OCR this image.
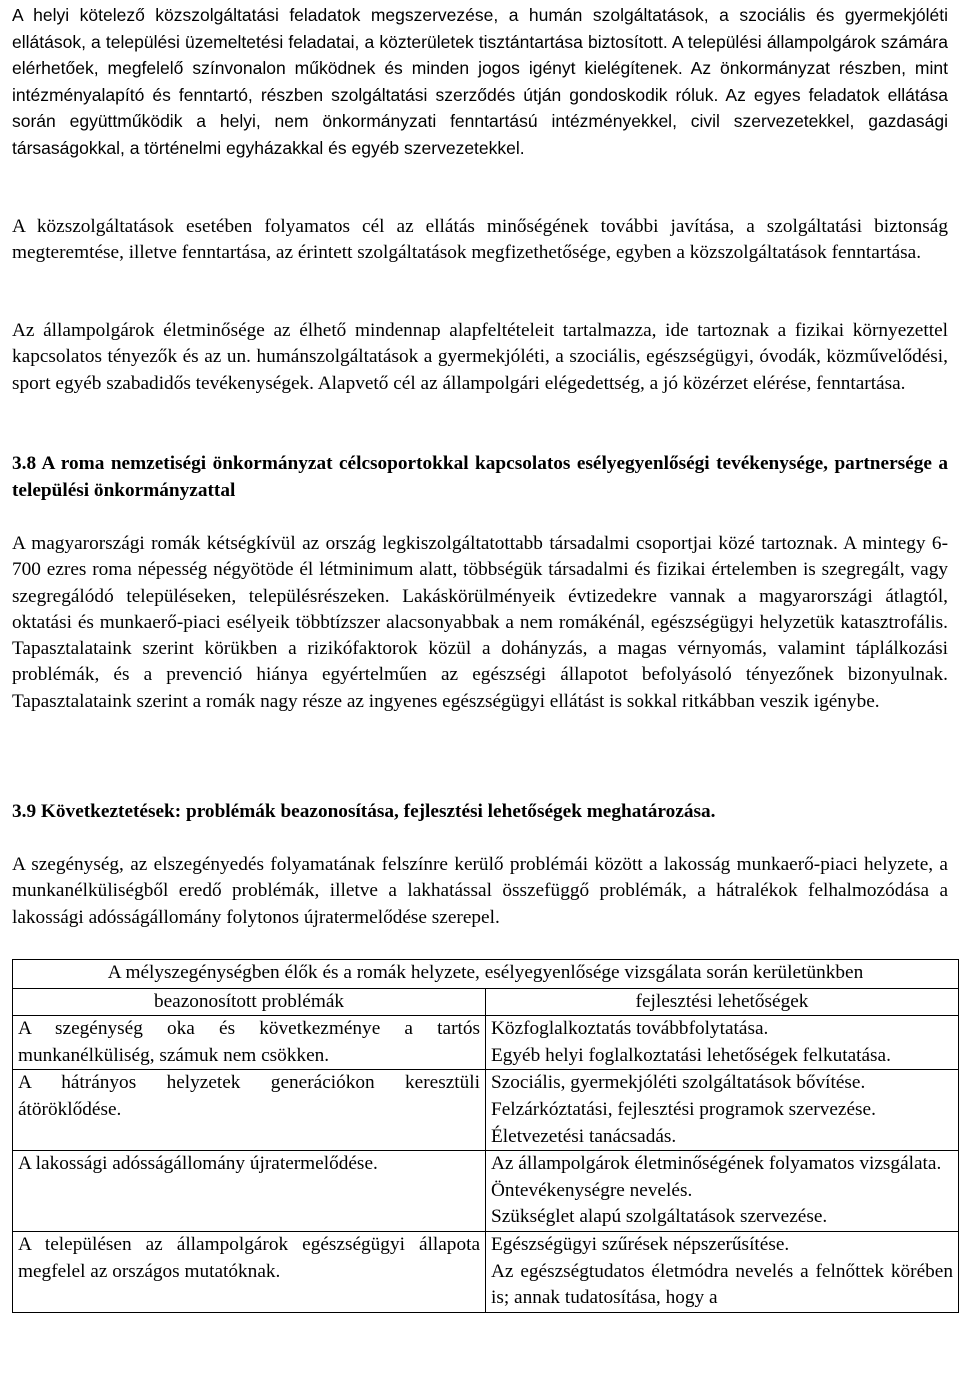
A helyi kötelező közszolgáltatási feladatok megszervezése, a humán szolgáltatások, a szociális és gyermekjóléti ellátások, a települési üzemeltetési feladatai, a közterületek tisztántartása biztosított. A települési állampolgárok számára elérhetőek, megfelelő színvonalon működnek és minden jogos igényt kielégítenek. Az önkormányzat részben, mint intézményalapító és fenntartó, részben szolgáltatási szerződés útján gondoskodik róluk. Az egyes feladatok ellátása során együttműködik a helyi, nem önkormányzati fenntartású intézményekkel, civil szervezetekkel, gazdasági társaságokkal, a történelmi egyházakkal és egyéb szervezetekkel.

A közszolgáltatások esetében folyamatos cél az ellátás minőségének további javítása, a szolgáltatási biztonság megteremtése, illetve fenntartása, az érintett szolgáltatások megfizethetősége, egyben a közszolgáltatások fenntartása.

Az állampolgárok életminősége az élhető mindennap alapfeltételeit tartalmazza, ide tartoznak a fizikai környezettel kapcsolatos tényezők és az un. humánszolgáltatások a gyermekjóléti, a szociális, egészségügyi, óvodák, közművelődési, sport egyéb szabadidős tevékenységek. Alapvető cél az állampolgári elégedettség, a jó közérzet elérése, fenntartása.

3.8 A roma nemzetiségi önkormányzat célcsoportokkal kapcsolatos esélyegyenlőségi tevékenysége, partnersége a települési önkormányzattal

A magyarországi romák kétségkívül az ország legkiszolgáltatottabb társadalmi csoportjai közé tartoznak. A mintegy 6-700 ezres roma népesség négyötöde él létminimum alatt, többségük társadalmi és fizikai értelemben is szegregált, vagy szegregálódó településeken, településrészeken. Lakáskörülményeik évtizedekre vannak a magyarországi átlagtól, oktatási és munkaerő-piaci esélyeik többtízszer alacsonyabbak a nem romákénál, egészségügyi helyzetük katasztrofális. Tapasztalataink szerint körükben a rizikófaktorok közül a dohányzás, a magas vérnyomás, valamint táplálkozási problémák, és a prevenció hiánya egyértelműen az egészségi állapotot befolyásoló tényezőnek bizonyulnak. Tapasztalataink szerint a romák nagy része az ingyenes egészségügyi ellátást is sokkal ritkábban veszik igénybe.

3.9 Következtetések: problémák beazonosítása, fejlesztési lehetőségek meghatározása.

A szegénység, az elszegényedés folyamatának felszínre kerülő problémái között a lakosság munkaerő-piaci helyzete, a munkanélküliségből eredő problémák, illetve a lakhatással összefüggő problémák, a hátralékok felhalmozódása a lakossági adósságállomány folytonos újratermelődése szerepel.

A mélyszegénységben élők és a romák helyzete, esélyegyenlősége vizsgálata során kerületünkben	
beazonosított problémák	fejlesztési lehetőségek
A szegénység oka és következménye a tartós munkanélküliség, számuk nem csökken.	Közfoglalkoztatás továbbfolytatása.
Egyéb helyi foglalkoztatási lehetőségek felkutatása.

A hátrányos helyzetek generációkon keresztüli átöröklődése.	Szociális, gyermekjóléti szolgáltatások bővítése.
Felzárkóztatási, fejlesztési programok szervezése.
Életvezetési tanácsadás.

A lakossági adósságállomány újratermelődése.	Az állampolgárok életminőségének folyamatos vizsgálata.
Öntevékenységre nevelés.
Szükséglet alapú szolgáltatások szervezése.

A településen az állampolgárok egészségügyi állapota megfelel az országos mutatóknak.	Egészségügyi szűrések népszerűsítése.
Az egészségtudatos életmódra nevelés a felnőttek körében is; annak tudatosítása, hogy a
